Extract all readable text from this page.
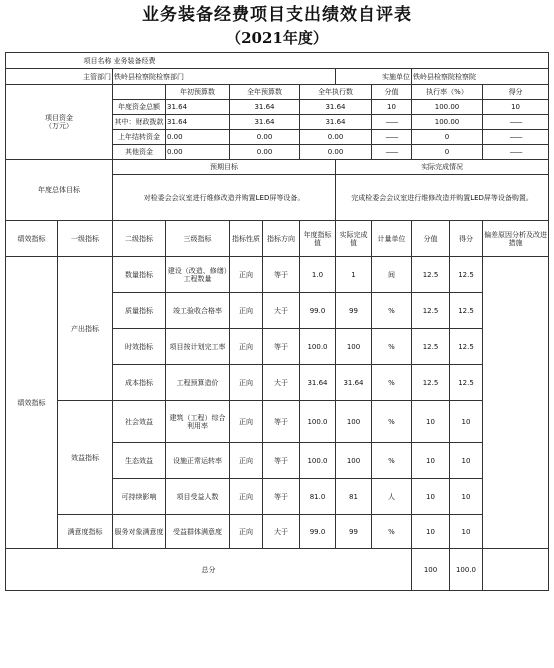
业务装备经费项目支出绩效自评表
（2021年度）
项目名称		业务装备经费									
主管部门		铁岭县检察院检察部门					实施单位		铁岭县检察院检察院		
项目资金
（万元）			年初预算数	全年预算数		全年执行数		分值	执行率（%）		得分
		年度资金总额	31.64	31.64		31.64		10	100.00		10
		其中：财政拨款	31.64	31.64		31.64		——	100.00		——
		上年结转资金	0.00	0.00		0.00		——	0		——
		其他资金	0.00	0.00		0.00		——	0		——
年度总体目标		预期目标					实际完成情况				
		对检委会会议室进行维修改造并购置LED屏等设备。					完成检委会会议室进行维修改造并购置LED屏等设备购置。				
绩效指标	一级指标	二级指标	三级指标	指标性质	指标方向	年度指标值	实际完成值	计量单位	分值	得分	偏差原因分析及改进措施
绩效指标	产出指标	数量指标	建设（改造、修缮）工程数量	正向	等于	1.0	1	间	12.5	12.5	
		质量指标	竣工验收合格率	正向	大于	99.0	99	%	12.5	12.5	
		时效指标	项目按计划完工率	正向	等于	100.0	100	%	12.5	12.5	
		成本指标	工程预算造价	正向	大于	31.64	31.64	%	12.5	12.5	
	效益指标	社会效益	建筑（工程）综合利用率	正向	等于	100.0	100	%	10	10	
		生态效益	设施正常运转率	正向	等于	100.0	100	%	10	10	
		可持续影响	项目受益人数	正向	等于	81.0	81	人	10	10	
	满意度指标	服务对象满意度	受益群体满意度	正向	大于	99.0	99	%	10	10	
总分									100	100.0	
